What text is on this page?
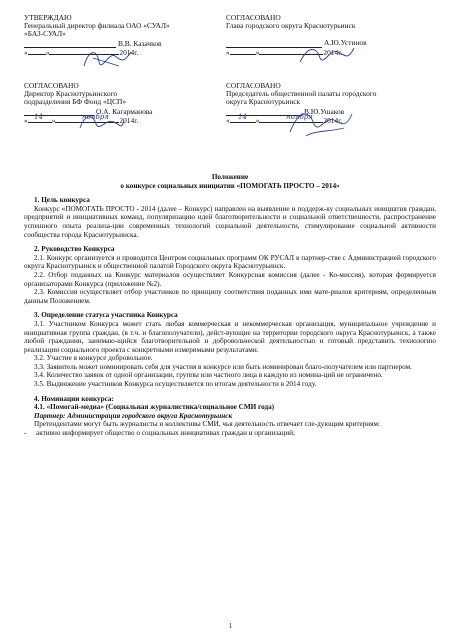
УТВЕРЖДАЮ
Генеральный директор филиала ОАО «СУАЛ»
«БАЗ-СУАЛ»
В.В. Казачков
« »	2014г.
СОГЛАСОВАНО
Глава городского округа Краснотурьинск
А.Ю.Устинов
«	»	2014г.
СОГЛАСОВАНО
Директор Краснотурьинского
подразделения БФ Фонд «ЦСП»
О.А. Кагарманова
«	»	2014г.
14	ноября
СОГЛАСОВАНО
Председатель общественной палаты городского
округа Краснотурьинск
В.Ю.Ушаков
«	»	2014г.
14	ноября
Положение
о конкурсе социальных инициатив «ПОМОГАТЬ ПРОСТО – 2014»
1. Цель конкурса

Конкурс «ПОМОГАТЬ ПРОСТО - 2014 (далее – Конкурс) направлен на выявление и поддерж-ку социальных инициатив граждан, предприятий и инициативных команд, популяризацию идей благотворительности и социальной ответственности, распространение успешного опыта реализа-ции современных технологий социальной деятельности, стимулирование социальной активности сообщества города Краснотурьинска.

2. Руководство Конкурса

2.1. Конкурс организуется и проводится Центром социальных программ ОК РУСАЛ в партнер-стве с Администрацией городского округа Краснотурьинск и общественной палатой Городского округа Краснотурьинск.

2.2. Отбор поданных на Конкурс материалов осуществляет Конкурсная комиссия (далее - Ко-миссия), которая формируется организаторами Конкурса (приложение №2).

2.3. Комиссия осуществляет отбор участников по принципу соответствия поданных ими мате-риалов критериям, определенным данным Положением.

3. Определение статуса участника Конкурса

3.1. Участником Конкурса может стать любая коммерческая и некоммерческая организация, муниципальное учреждение и инициативная группа граждан, (в т.ч. и благополучатели), дейст-вующие на территории городского округа Краснотурьинск, а также любой гражданин, занимаю-щийся благотворительной и добровольческой деятельностью и готовый представить технологию реализации социального проекта с конкретными измеримыми результатами.

3.2. Участие в конкурсе добровольное.

3.3. Заявитель может номинировать себя для участия в конкурсе или быть номинирован благо-получателем или партнером.

3.4. Количество заявок от одной организации, группы или частного лица в каждую из номина-ций не ограничено.

3.5. Выдвижение участников Конкурса осуществляется по итогам деятельности в 2014 году.

4. Номинации конкурса:
4.1. «Помогай-медиа» (Социальная журналистика/социальное СМИ года)
Партнер: Администрация городского округа Краснотурьинск

Претендентами могут быть журналисты и коллективы СМИ, чья деятельность отвечает сле-дующим критериям:

-	активно информирует общество о социальных инициативах граждан и организаций;
1
